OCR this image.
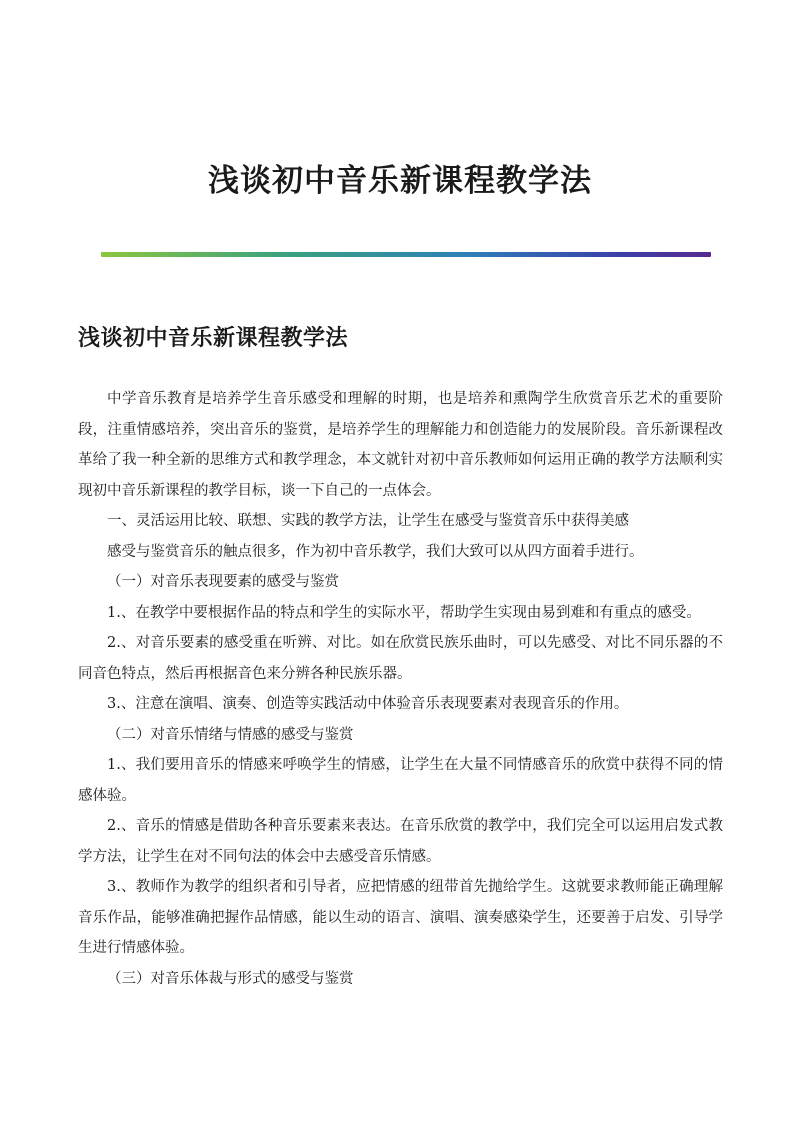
浅谈初中音乐新课程教学法
浅谈初中音乐新课程教学法

中学音乐教育是培养学生音乐感受和理解的时期，也是培养和熏陶学生欣赏音乐艺术的重要阶段，注重情感培养，突出音乐的鉴赏，是培养学生的理解能力和创造能力的发展阶段。音乐新课程改革给了我一种全新的思维方式和教学理念，本文就针对初中音乐教师如何运用正确的教学方法顺利实现初中音乐新课程的教学目标，谈一下自己的一点体会。

一、灵活运用比较、联想、实践的教学方法，让学生在感受与鉴赏音乐中获得美感

感受与鉴赏音乐的触点很多，作为初中音乐教学，我们大致可以从四方面着手进行。

（一）对音乐表现要素的感受与鉴赏

1.、在教学中要根据作品的特点和学生的实际水平，帮助学生实现由易到难和有重点的感受。

2.、对音乐要素的感受重在听辨、对比。如在欣赏民族乐曲时，可以先感受、对比不同乐器的不同音色特点，然后再根据音色来分辨各种民族乐器。

3.、注意在演唱、演奏、创造等实践活动中体验音乐表现要素对表现音乐的作用。

（二）对音乐情绪与情感的感受与鉴赏

1.、我们要用音乐的情感来呼唤学生的情感，让学生在大量不同情感音乐的欣赏中获得不同的情感体验。

2.、音乐的情感是借助各种音乐要素来表达。在音乐欣赏的教学中，我们完全可以运用启发式教学方法，让学生在对不同句法的体会中去感受音乐情感。

3.、教师作为教学的组织者和引导者，应把情感的纽带首先抛给学生。这就要求教师能正确理解音乐作品，能够准确把握作品情感，能以生动的语言、演唱、演奏感染学生，还要善于启发、引导学生进行情感体验。

（三）对音乐体裁与形式的感受与鉴赏
